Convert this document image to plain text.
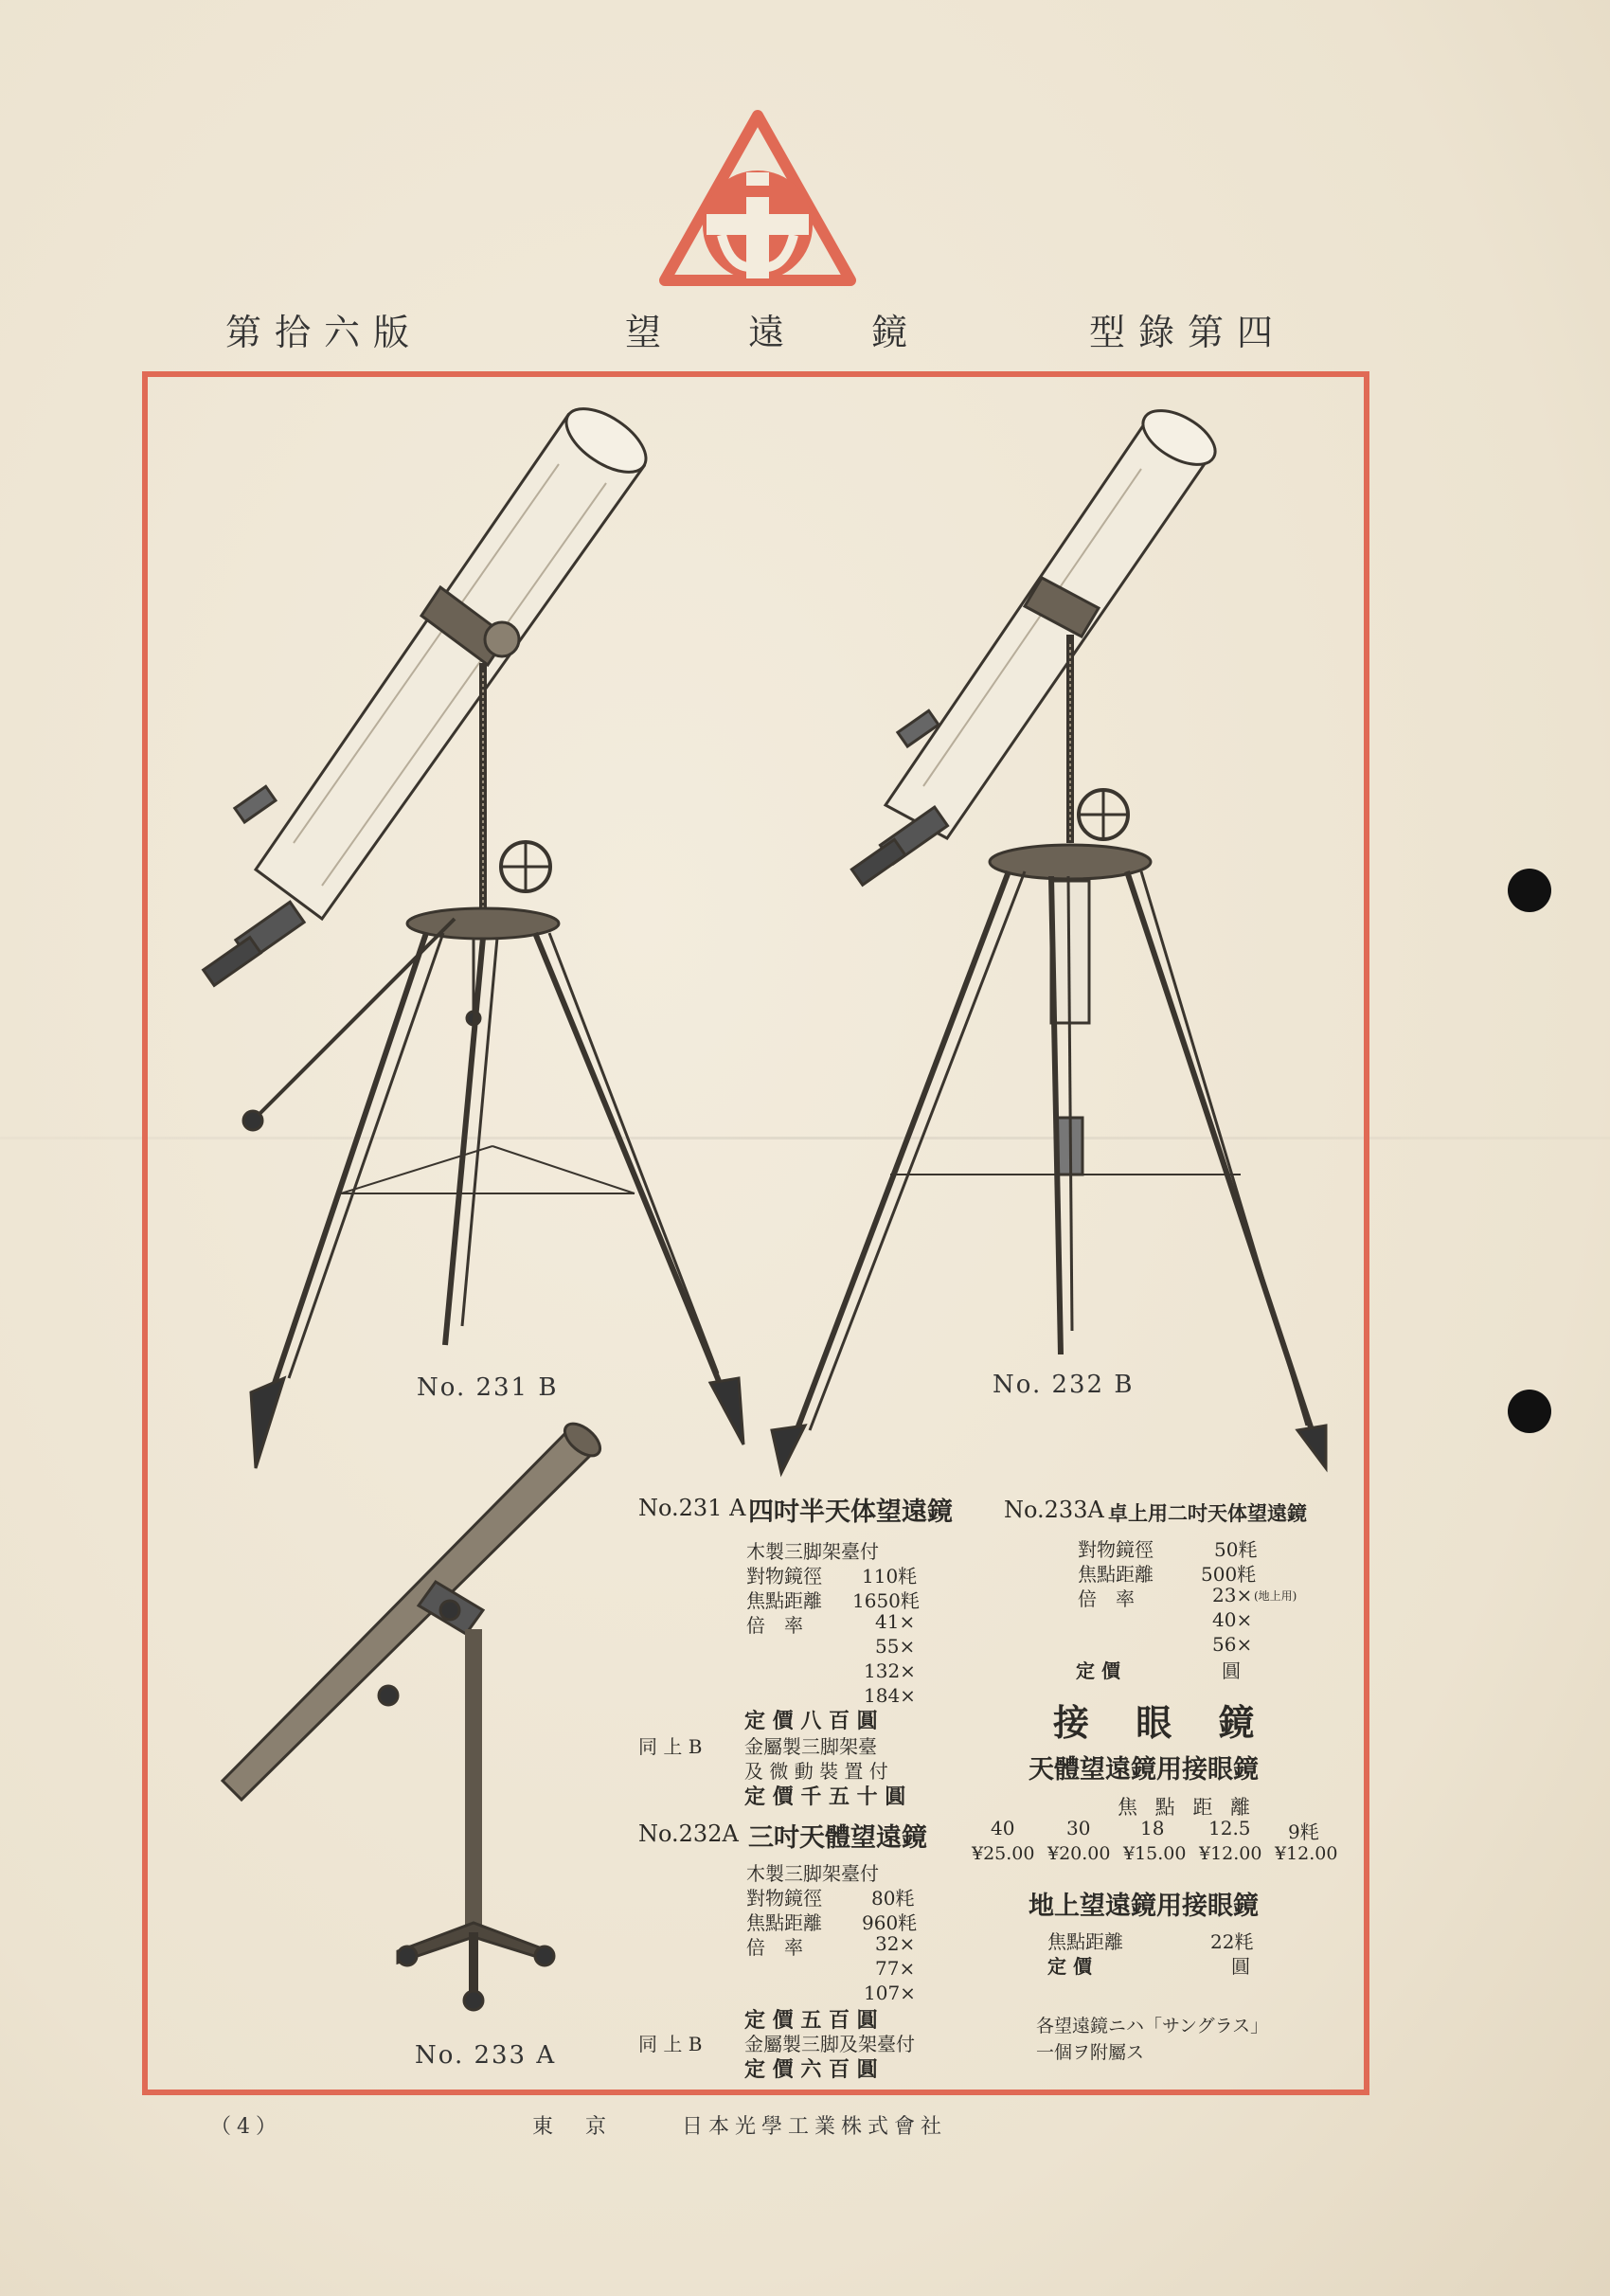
第拾六版	望 遠 鏡	型錄第四
No. 231 B	No. 232 B
No. 233 A
No.231 A 四吋半天体望遠鏡
木製三脚架臺付
對物鏡徑 110粍
焦點距離 1650粍
倍　率	41×
55×
132×
184×
定 價 八 百 圓
同 上 B 金屬製三脚架臺
及 微 動 裝 置 付
定 價 千 五 十 圓
No.232A 三吋天體望遠鏡
木製三脚架臺付
對物鏡徑	80粍
焦點距離 960粍
倍　率	32×
77×
107×
定 價 五 百 圓
同 上 B 金屬製三脚及架臺付
定 價 六 百 圓
No.233A 卓上用二吋天体望遠鏡
對物鏡徑	50粍
焦點距離	500粍
倍　率	23× (地上用)
40×
56×
定 價	圓
接 眼 鏡
天體望遠鏡用接眼鏡
焦 點 距 離
40	30	18 12.5 9粍
¥25.00 ¥20.00 ¥15.00 ¥12.00 ¥12.00
地上望遠鏡用接眼鏡
焦點距離	22粍
定 價	圓
各望遠鏡ニハ「サングラス」
一個ヲ附屬ス
（4）	東　京	日本光學工業株式會社
